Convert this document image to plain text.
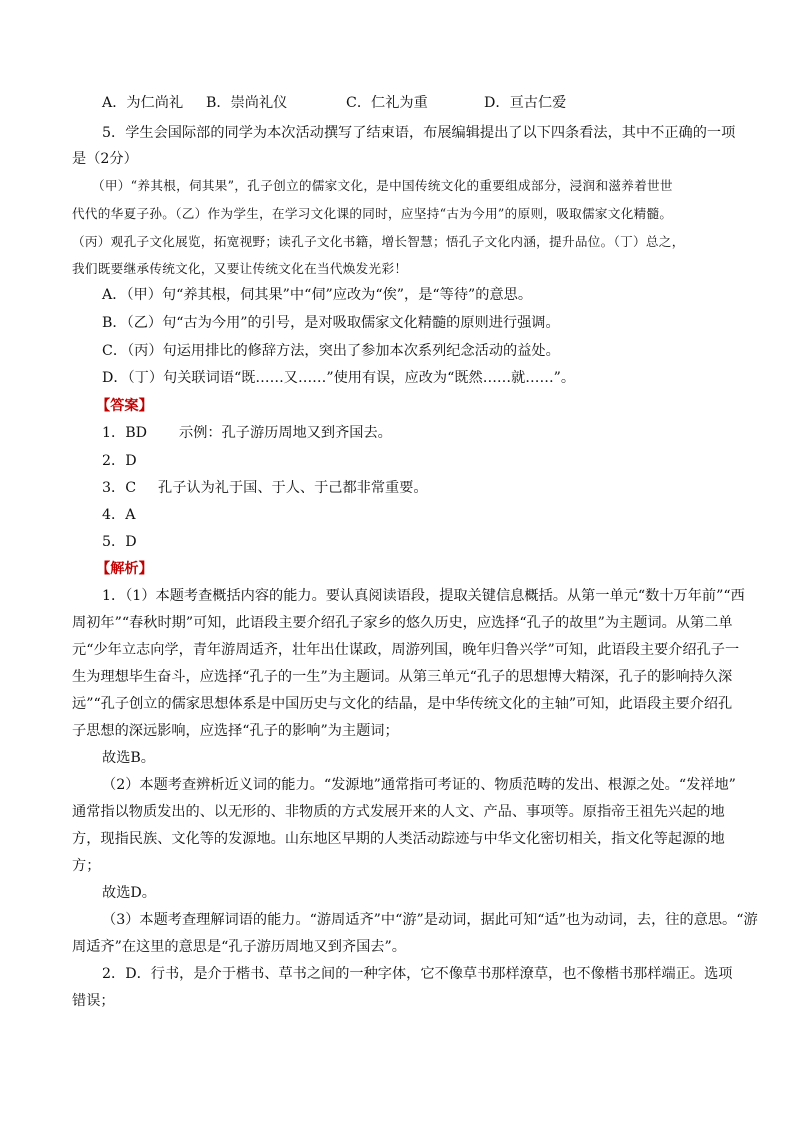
A．为仁尚礼 B．崇尚礼仪	C．仁礼为重	D．亘古仁爱
5．学生会国际部的同学为本次活动撰写了结束语，布展编辑提出了以下四条看法，其中不正确的一项
是（2分）
（甲）“养其根，伺其果”，孔子创立的儒家文化，是中国传统文化的重要组成部分，浸润和滋养着世世
代代的华夏子孙。（乙）作为学生，在学习文化课的同时，应坚持“古为今用”的原则，吸取儒家文化精髓。
（丙）观孔子文化展览，拓宽视野；读孔子文化书籍，增长智慧；悟孔子文化内涵，提升品位。（丁）总之，
我们既要继承传统文化，又要让传统文化在当代焕发光彩！
A．（甲）句“养其根，伺其果”中“伺”应改为“俟”，是“等待”的意思。
B．（乙）句“古为今用”的引号，是对吸取儒家文化精髓的原则进行强调。
C．（丙）句运用排比的修辞方法，突出了参加本次系列纪念活动的益处。
D．（丁）句关联词语“既……又……”使用有误，应改为“既然……就……”。
【答案】
1．BD 示例：孔子游历周地又到齐国去。
2．D
3．C 孔子认为礼于国、于人、于己都非常重要。
4．A
5．D
【解析】
1．（1）本题考查概括内容的能力。要认真阅读语段，提取关键信息概括。从第一单元“数十万年前”“西
周初年”“春秋时期”可知，此语段主要介绍孔子家乡的悠久历史，应选择“孔子的故里”为主题词。从第二单
元“少年立志向学，青年游周适齐，壮年出仕谋政，周游列国，晚年归鲁兴学”可知，此语段主要介绍孔子一
生为理想毕生奋斗，应选择“孔子的一生”为主题词。从第三单元“孔子的思想博大精深，孔子的影响持久深
远”“孔子创立的儒家思想体系是中国历史与文化的结晶，是中华传统文化的主轴”可知，此语段主要介绍孔
子思想的深远影响，应选择“孔子的影响”为主题词；
故选B。
（2）本题考查辨析近义词的能力。“发源地”通常指可考证的、物质范畴的发出、根源之处。“发祥地”
通常指以物质发出的、以无形的、非物质的方式发展开来的人文、产品、事项等。原指帝王祖先兴起的地
方，现指民族、文化等的发源地。山东地区早期的人类活动踪迹与中华文化密切相关，指文化等起源的地
方；
故选D。
（3）本题考查理解词语的能力。“游周适齐”中“游”是动词，据此可知“适”也为动词，去，往的意思。“游
周适齐”在这里的意思是“孔子游历周地又到齐国去”。
2．D．行书，是介于楷书、草书之间的一种字体，它不像草书那样潦草，也不像楷书那样端正。选项
错误；
